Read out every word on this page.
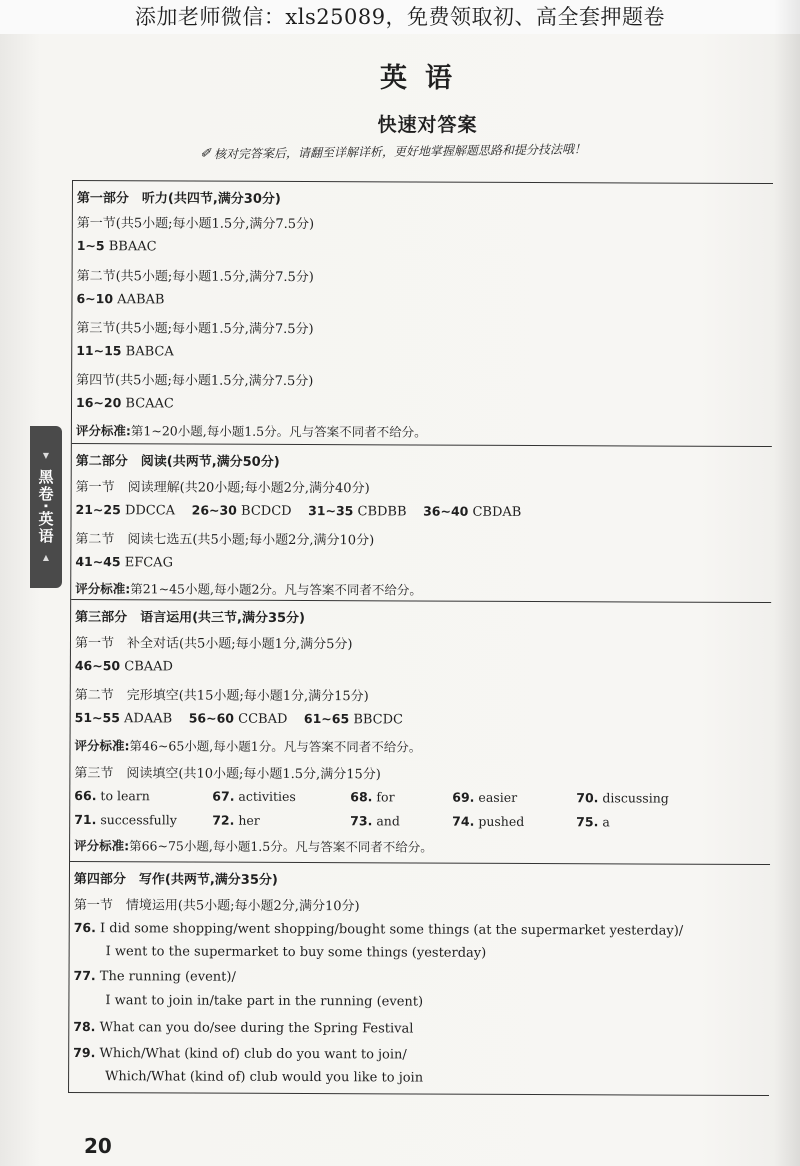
添加老师微信：xls25089，免费领取初、高全套押题卷
英语
快速对答案
✐ 核对完答案后，请翻至详解详析，更好地掌握解题思路和提分技法哦！
▼
黑卷·英语
▲
第一部分　听力(共四节,满分30分)
第一节(共5小题;每小题1.5分,满分7.5分)
1~5 BBAAC
第二节(共5小题;每小题1.5分,满分7.5分)
6~10 AABAB
第三节(共5小题;每小题1.5分,满分7.5分)
11~15 BABCA
第四节(共5小题;每小题1.5分,满分7.5分)
16~20 BCAAC
评分标准:第1~20小题,每小题1.5分。凡与答案不同者不给分。
第二部分　阅读(共两节,满分50分)
第一节　阅读理解(共20小题;每小题2分,满分40分)
21~25 DDCCA 26~30 BCDCD 31~35 CBDBB 36~40 CBDAB
第二节　阅读七选五(共5小题;每小题2分,满分10分)
41~45 EFCAG
评分标准:第21~45小题,每小题2分。凡与答案不同者不给分。
第三部分　语言运用(共三节,满分35分)
第一节　补全对话(共5小题;每小题1分,满分5分)
46~50 CBAAD
第二节　完形填空(共15小题;每小题1分,满分15分)
51~55 ADAAB 56~60 CCBAD 61~65 BBCDC
评分标准:第46~65小题,每小题1分。凡与答案不同者不给分。
第三节　阅读填空(共10小题;每小题1.5分,满分15分)
66. to learn	67. activities	68. for	69. easier	70. discussing
71. successfully	72. her	73. and	74. pushed	75. a
评分标准:第66~75小题,每小题1.5分。凡与答案不同者不给分。
第四部分　写作(共两节,满分35分)
第一节　情境运用(共5小题;每小题2分,满分10分)
76. I did some shopping/went shopping/bought some things (at the supermarket yesterday)/
I went to the supermarket to buy some things (yesterday)
77. The running (event)/
I want to join in/take part in the running (event)
78. What can you do/see during the Spring Festival
79. Which/What (kind of) club do you want to join/
Which/What (kind of) club would you like to join
20
